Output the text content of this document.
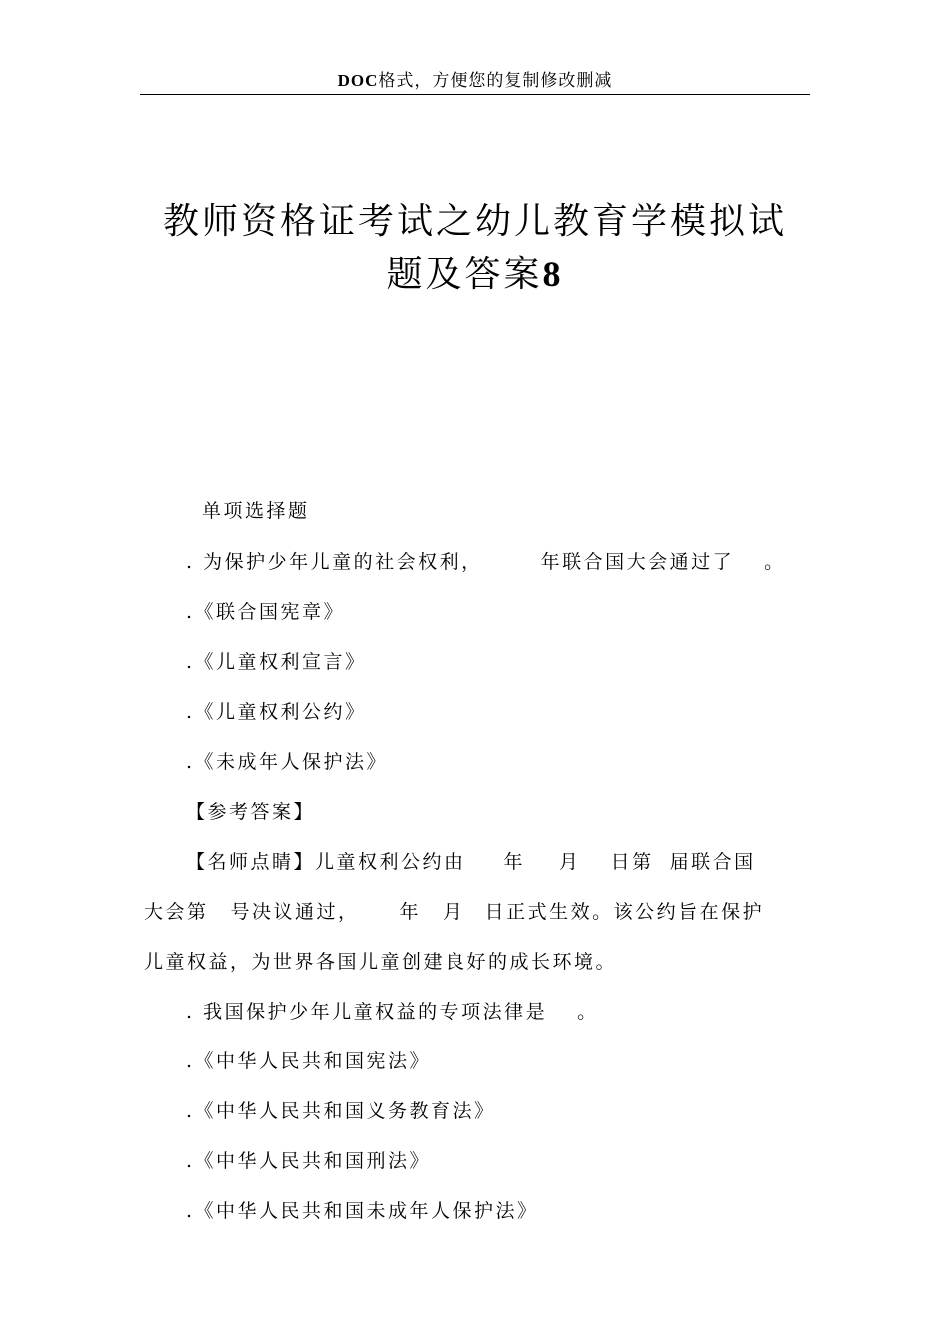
DOC格式，方便您的复制修改删减
教师资格证考试之幼儿教育学模拟试
题及答案8
单项选择题
. 为保护少年儿童的社会权利，	年联合国大会通过了 。
.《联合国宪章》
.《儿童权利宣言》
.《儿童权利公约》
.《未成年人保护法》
【参考答案】
【名师点睛】儿童权利公约由 年 月 日第 届联合国
大会第 号决议通过， 年 月 日正式生效。该公约旨在保护
儿童权益，为世界各国儿童创建良好的成长环境。
. 我国保护少年儿童权益的专项法律是 。
.《中华人民共和国宪法》
.《中华人民共和国义务教育法》
.《中华人民共和国刑法》
.《中华人民共和国未成年人保护法》
